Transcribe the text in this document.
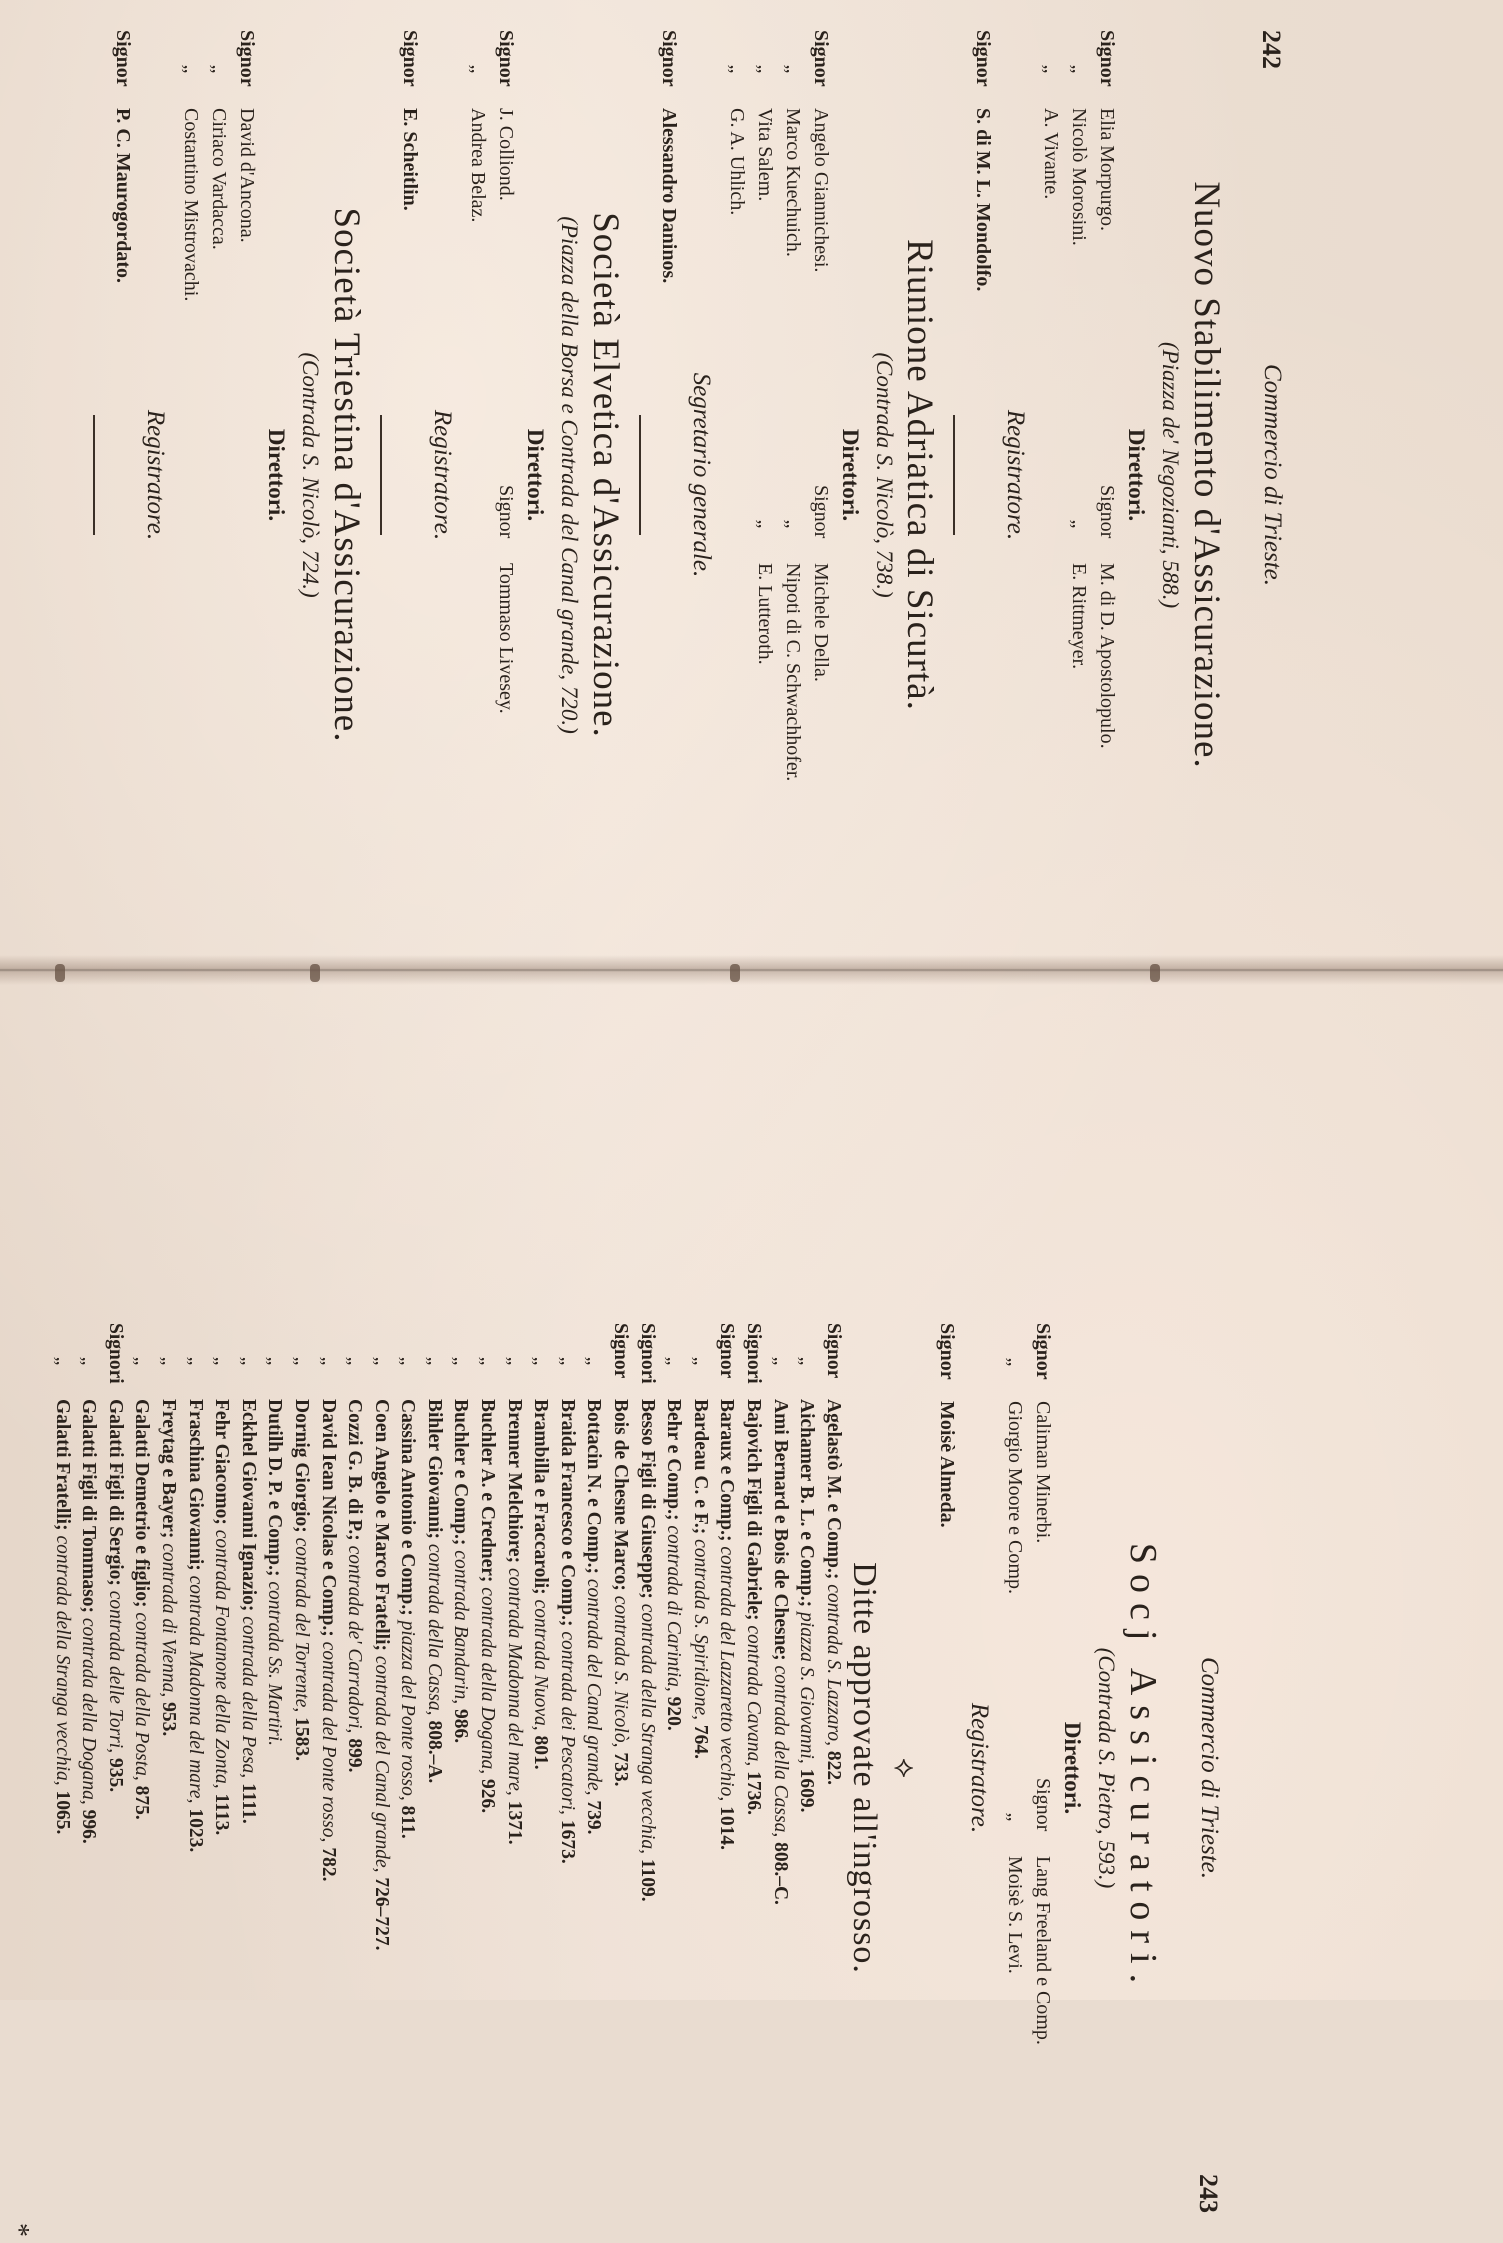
242
Commercio di Trieste.
Nuovo Stabilimento d'Assicurazione.
(Piazza de' Negozianti, 588.)
Direttori.
SignorElia Morpurgo.
„Nicolò Morosini.
„A. Vivante.
SignorM. di D. Apostolopulo.
„E. Rittmeyer.
Registratore.
SignorS. di M. L. Mondolfo.
Riunione Adriatica di Sicurtà.
(Contrada S. Nicolò, 738.)
Direttori.
SignorAngelo Giannichesi.
„Marco Kuechuich.
„Vita Salem.
„G. A. Uhlich.
SignorMichele Della.
„Nipoti di C. Schwachhofer.
„E. Lutteroth.
Segretario generale.
SignorAlessandro Daninos.
Società Elvetica d'Assicurazione.
(Piazza della Borsa e Contrada del Canal grande, 720.)
Direttori.
SignorJ. Colliond.
„Andrea Belaz.
SignorTommaso Livesey.
Registratore.
SignorE. Scheitlin.
Società Triestina d'Assicurazione.
(Contrada S. Nicolò, 724.)
Direttori.
SignorDavid d'Ancona.
„Ciriaco Vardacca.
„Costantino Mistrovachi.
Registratore.
SignorP. C. Maurogordato.
Commercio di Trieste.
243
Socj Assicuratori.
(Contrada S. Pietro, 593.)
Direttori.
SignorCaliman Minerbi.
„Giorgio Moore e Comp.
SignorLang Freeland e Comp.
„Moisè S. Levi.
Registratore.
SignorMoisè Almeda.
⟡
Ditte approvate all'ingrosso.
SignorAgelastò M. e Comp.; contrada S. Lazzaro, 822.
„Aichamer B. L. e Comp.; piazza S. Giovanni, 1609.
„Ami Bernard e Bois de Chesne; contrada della Cassa, 808.–C.
SignoriBajovich Figli di Gabriele; contrada Cavana, 1736.
SignorBaraux e Comp.; contrada del Lazzaretto vecchio, 1014.
„Bardeau C. e F.; contrada S. Spiridione, 764.
„Behr e Comp.; contrada di Carintia, 920.
SignoriBesso Figli di Giuseppe; contrada della Stranga vecchia, 1109.
SignorBois de Chesne Marco; contrada S. Nicolò, 733.
„Bottacin N. e Comp.; contrada del Canal grande, 739.
„Braida Francesco e Comp.; contrada dei Pescatori, 1673.
„Brambilla e Fraccaroli; contrada Nuova, 801.
„Brenner Melchiore; contrada Madonna del mare, 1371.
„Buchler A. e Credner; contrada della Dogana, 926.
„Buchler e Comp.; contrada Bandarin, 986.
„Bihler Giovanni; contrada della Cassa, 808.–A.
„Cassina Antonio e Comp.; piazza del Ponte rosso, 811.
„Coen Angelo e Marco Fratelli; contrada del Canal grande, 726–727.
„Cozzi G. B. di P.; contrada de' Carradori, 899.
„David Iean Nicolas e Comp.; contrada del Ponte rosso, 782.
„Dornig Giorgio; contrada del Torrente, 1583.
„Dutilh D. P. e Comp.; contrada Ss. Martiri.
„Eckhel Giovanni Ignazio; contrada della Pesa, 1111.
„Fehr Giacomo; contrada Fontanone della Zonta, 1113.
„Fraschina Giovanni; contrada Madonna del mare, 1023.
„Freytag e Bayer; contrada di Vienna, 953.
„Galatti Demetrio e figlio; contrada della Posta, 875.
SignoriGalatti Figli di Sergio; contrada delle Torri, 935.
„Galatti Figli di Tommaso; contrada della Dogana, 996.
„Galatti Fratelli; contrada della Stranga vecchia, 1065.
*
